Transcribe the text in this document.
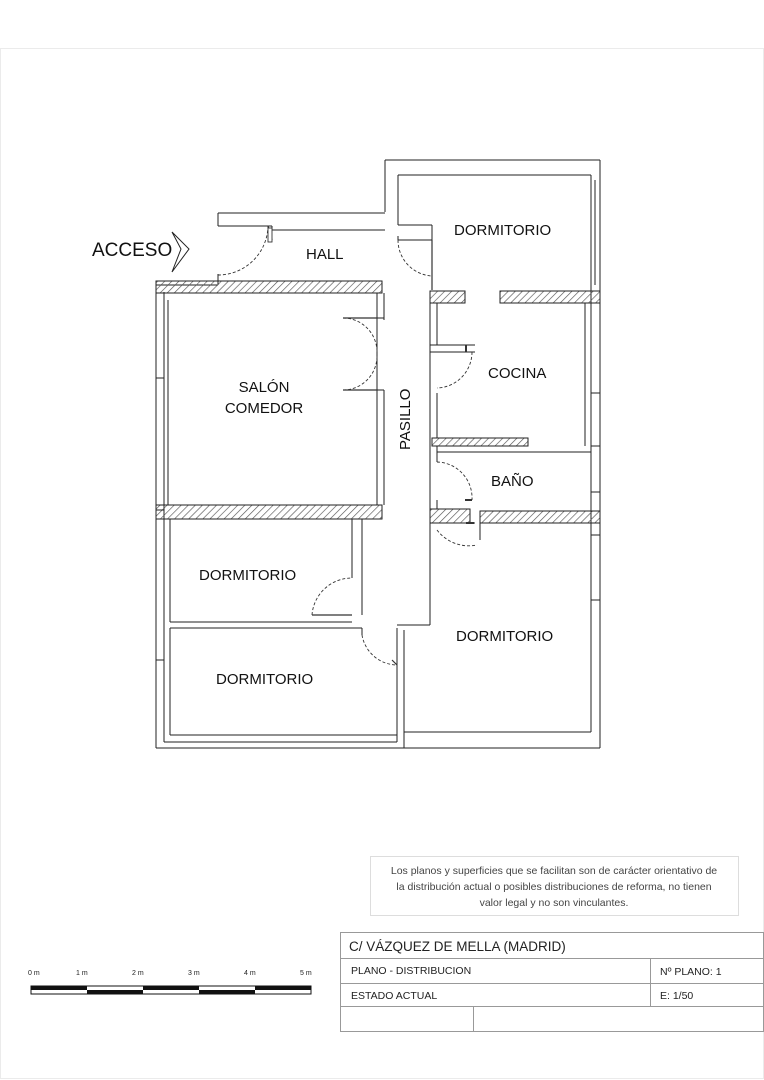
ACCESO	HALL
DORMITORIO
SALÓN
COMEDOR
COCINA
PASILLO
BAÑO
DORMITORIO
DORMITORIO
DORMITORIO
Los planos y superficies que se facilitan son de carácter orientativo de
la distribución actual o posibles distribuciones de reforma, no tienen
valor legal y no son vinculantes.
0 m	1 m	2 m	3 m	4 m	5 m
C/ VÁZQUEZ DE MELLA (MADRID)
PLANO - DISTRIBUCION	Nº PLANO: 1
ESTADO ACTUAL	E: 1/50
